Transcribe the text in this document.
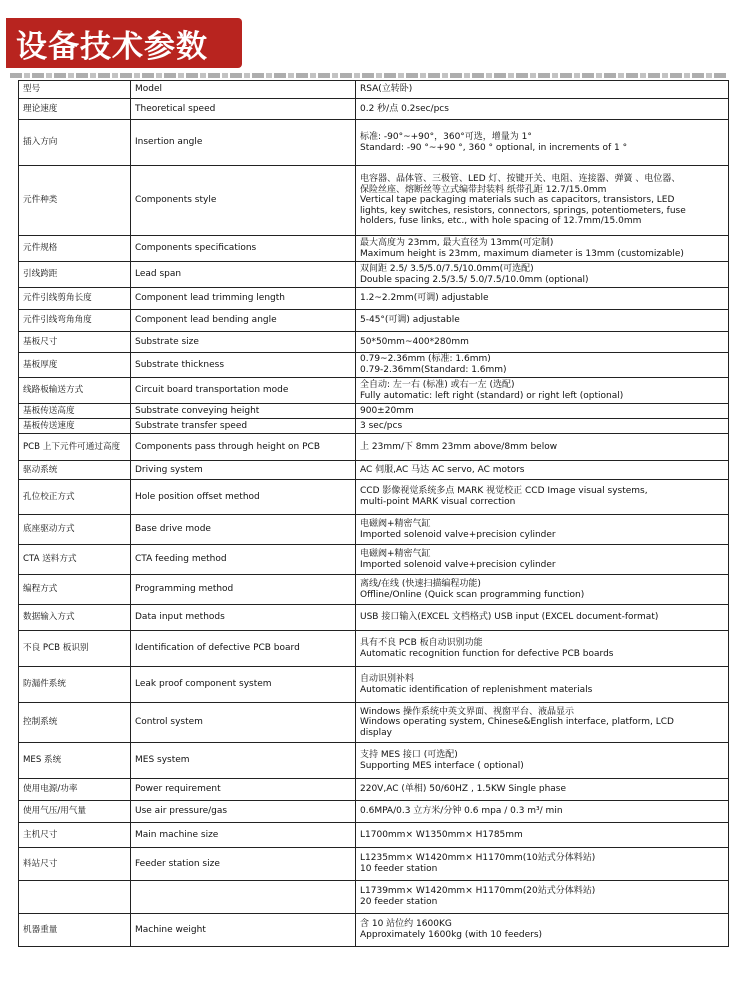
设备技术参数
型号	Model	RSA(立转卧)

理论速度	Theoretical speed	0.2 秒/点 0.2sec/pcs

插入方向	Insertion angle	标准: -90°~+90°，360°可选，增量为 1°
Standard: -90 °~+90 °, 360 ° optional, in increments of 1 °

元件种类	Components style	电容器、晶体管、三极管、LED 灯、按键开关、电阻、连接器、弹簧 、电位器、
保险丝座、熔断丝等立式编带封装料 纸带孔距 12.7/15.0mm
Vertical tape packaging materials such as capacitors, transistors, LED
lights, key switches, resistors, connectors, springs, potentiometers, fuse
holders, fuse links, etc., with hole spacing of 12.7mm/15.0mm

元件规格	Components specifications	最大高度为 23mm, 最大直径为 13mm(可定制)
Maximum height is 23mm, maximum diameter is 13mm (customizable)

引线跨距	Lead span	双间距 2.5/ 3.5/5.0/7.5/10.0mm(可选配)
Double spacing 2.5/3.5/ 5.0/7.5/10.0mm (optional)

元件引线剪角长度	Component lead trimming length	1.2~2.2mm(可调) adjustable

元件引线弯角角度	Component lead bending angle	5-45°(可调) adjustable

基板尺寸	Substrate size	50*50mm~400*280mm

基板厚度	Substrate thickness	0.79~2.36mm (标准: 1.6mm)
0.79-2.36mm(Standard: 1.6mm)

线路板输送方式	Circuit board transportation mode	全自动: 左一右 (标准) 或右一左 (选配)
Fully automatic: left right (standard) or right left (optional)

基板传送高度	Substrate conveying height	900±20mm

基板传送速度	Substrate transfer speed	3 sec/pcs

PCB 上下元件可通过高度	Components pass through height on PCB	上 23mm/下 8mm 23mm above/8mm below

驱动系统	Driving system	AC 伺服,AC 马达 AC servo, AC motors

孔位校正方式	Hole position offset method	CCD 影像视觉系统多点 MARK 视觉校正 CCD Image visual systems,
multi-point MARK visual correction

底座驱动方式	Base drive mode	电磁阀+精密气缸
Imported solenoid valve+precision cylinder

CTA 送料方式	CTA feeding method	电磁阀+精密气缸
Imported solenoid valve+precision cylinder

编程方式	Programming method	离线/在线 (快速扫描编程功能)
Offline/Online (Quick scan programming function)

数据输入方式	Data input methods	USB 接口输入(EXCEL 文档格式) USB input (EXCEL document-format)

不良 PCB 板识别	Identification of defective PCB board	具有不良 PCB 板自动识别功能
Automatic recognition function for defective PCB boards

防漏件系统	Leak proof component system	自动识别补料
Automatic identification of replenishment materials

控制系统	Control system	Windows 操作系统中英文界面、视窗平台、液晶显示
Windows operating system, Chinese&English interface, platform, LCD
display

MES 系统	MES system	支持 MES 接口 (可选配)
Supporting MES interface ( optional)

使用电源/功率	Power requirement	220V,AC (单相) 50/60HZ , 1.5KW Single phase

使用气压/用气量	Use air pressure/gas	0.6MPA/0.3 立方米/分钟 0.6 mpa / 0.3 m³/ min

主机尺寸	Main machine size	L1700mm× W1350mm× H1785mm

料站尺寸	Feeder station size	L1235mm× W1420mm× H1170mm(10站式分体料站)
10 feeder station

		L1739mm× W1420mm× H1170mm(20站式分体料站)
20 feeder station

机器重量	Machine weight	含 10 站位约 1600KG
Approximately 1600kg (with 10 feeders)
